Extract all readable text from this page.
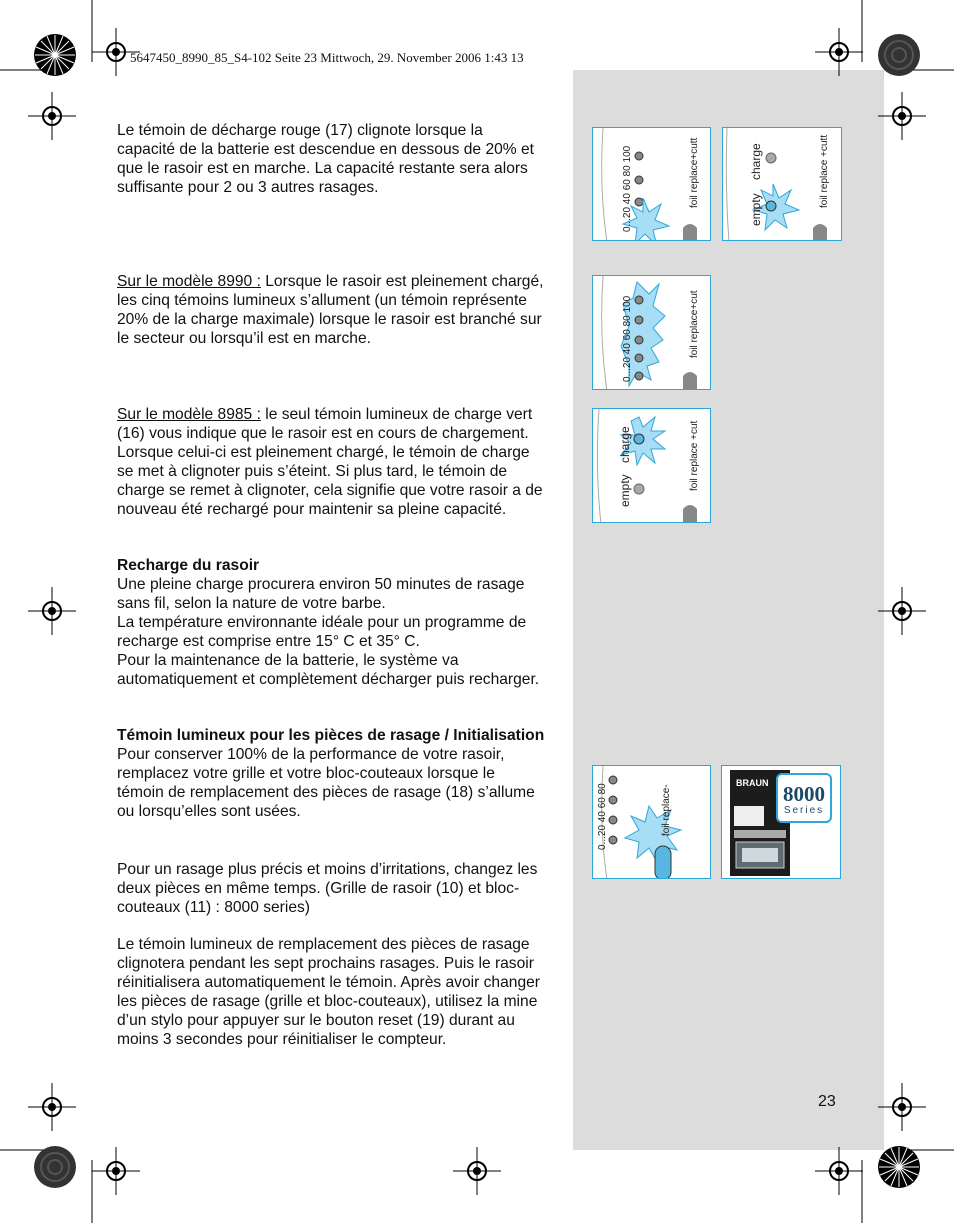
5647450_8990_85_S4-102 Seite 23 Mittwoch, 29. November 2006 1:43 13

Le témoin de décharge rouge (17) clignote lorsque la capacité de la batterie est descendue en dessous de 20% et que le rasoir est en marche. La capacité restante sera alors suffisante pour 2 ou 3 autres rasages.

Sur le modèle 8990 : Lorsque le rasoir est pleinement chargé, les cinq témoins lumineux s’allument (un témoin représente 20% de la charge maximale) lorsque le rasoir est branché sur le secteur ou lorsqu’il est en marche.

Sur le modèle 8985 : le seul témoin lumineux de charge vert (16) vous indique que le rasoir est en cours de chargement. Lorsque celui-ci est pleinement chargé, le témoin de charge se met à clignoter puis s’éteint. Si plus tard, le témoin de charge se remet à clignoter, cela signifie que votre rasoir a de nouveau été rechargé pour maintenir sa pleine capacité.

Recharge du rasoir

Une pleine charge procurera environ 50 minutes de rasage sans fil, selon la nature de votre barbe.

La température environnante idéale pour un programme de recharge est comprise entre 15° C et 35° C.

Pour la maintenance de la batterie, le système va automatiquement et complètement décharger puis recharger.

Témoin lumineux pour les pièces de rasage / Initialisation

Pour conserver 100% de la performance de votre rasoir, remplacez votre grille et votre bloc-couteaux lorsque le témoin de remplacement des pièces de rasage (18) s’allume ou lorsqu’elles sont usées.

Pour un rasage plus précis et moins d’irritations, changez les deux pièces en même temps. (Grille de rasoir (10) et bloc-couteaux (11) : 8000 series)

Le témoin lumineux de remplacement des pièces de rasage clignotera pendant les sept prochains rasages. Puis le rasoir réinitialisera automatiquement le témoin. Après avoir changer les pièces de rasage (grille et bloc-couteaux), utilisez la mine d’un stylo pour appuyer sur le bouton reset (19) durant au moins 3 secondes pour réinitialiser le compteur.

0...20 40 60 80 100	foil replace+cutt
empty
charge	foil replace +cutt
0...20 40 60 80 100	foil replace+cut
empty
charge	foil replace +cut
0...20 40 60 80	foil replace-
BRAUN 8000
Series
23
